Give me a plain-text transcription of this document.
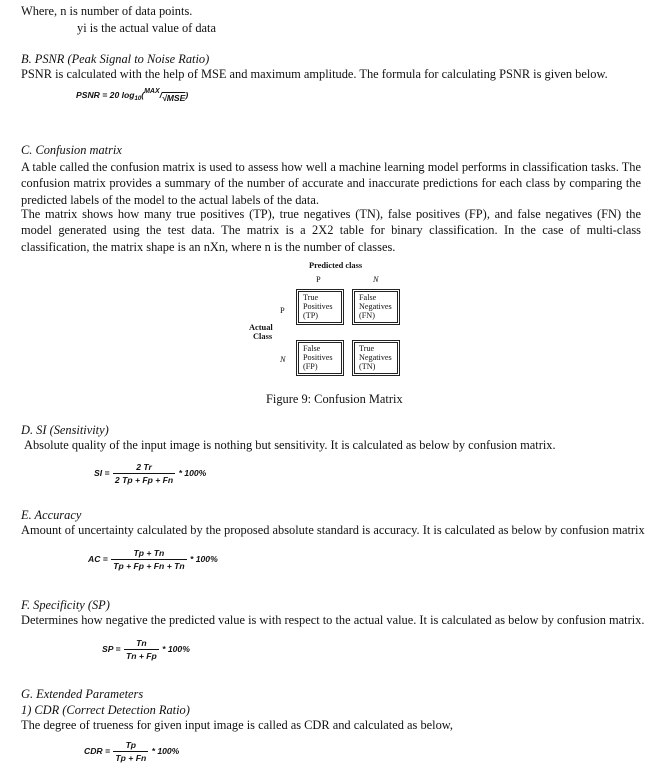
Where, n is number of data points.
yi is the actual value of data
B. PSNR (Peak Signal to Noise Ratio)
PSNR is calculated with the help of MSE and maximum amplitude. The formula for calculating PSNR is given below.
PSNR = 20 $\log_{10}(^{MAX}/√MSE)$
C. Confusion matrix
A table called the confusion matrix is used to assess how well a machine learning model performs in classification tasks. The confusion matrix provides a summary of the number of accurate and inaccurate predictions for each class by comparing the predicted labels of the model to the actual labels of the data.
The matrix shows how many true positives (TP), true negatives (TN), false positives (FP), and false negatives (FN) the model generated using the test data. The matrix is a 2X2 table for binary classification. In the case of multi-class classification, the matrix shape is an nXn, where n is the number of classes.
Predicted class
P	N
P
N
Actual
Class
True
Positives
(TP)
False
Negatives
(FN)
False
Positives
(FP)
True
Negatives
(TN)
Figure 9: Confusion Matrix
D. SI (Sensitivity)
Absolute quality of the input image is nothing but sensitivity. It is calculated as below by confusion matrix.
SI = $\frac{2 Tr}{2 Tp + Fp + Fn} * 100\%$
E. Accuracy
Amount of uncertainty calculated by the proposed absolute standard is accuracy. It is calculated as below by confusion matrix
AC = $\frac{Tp + Tn}{Tp + Fp + Fn + Tn} * 100\%$
F. Specificity (SP)
Determines how negative the predicted value is with respect to the actual value. It is calculated as below by confusion matrix.
SP = $\frac{Tn}{Tn + Fp} * 100\%$
G. Extended Parameters
1) CDR (Correct Detection Ratio)
The degree of trueness for given input image is called as CDR and calculated as below,
CDR = $\frac{Tp}{Tp + Fn} * 100\%$
